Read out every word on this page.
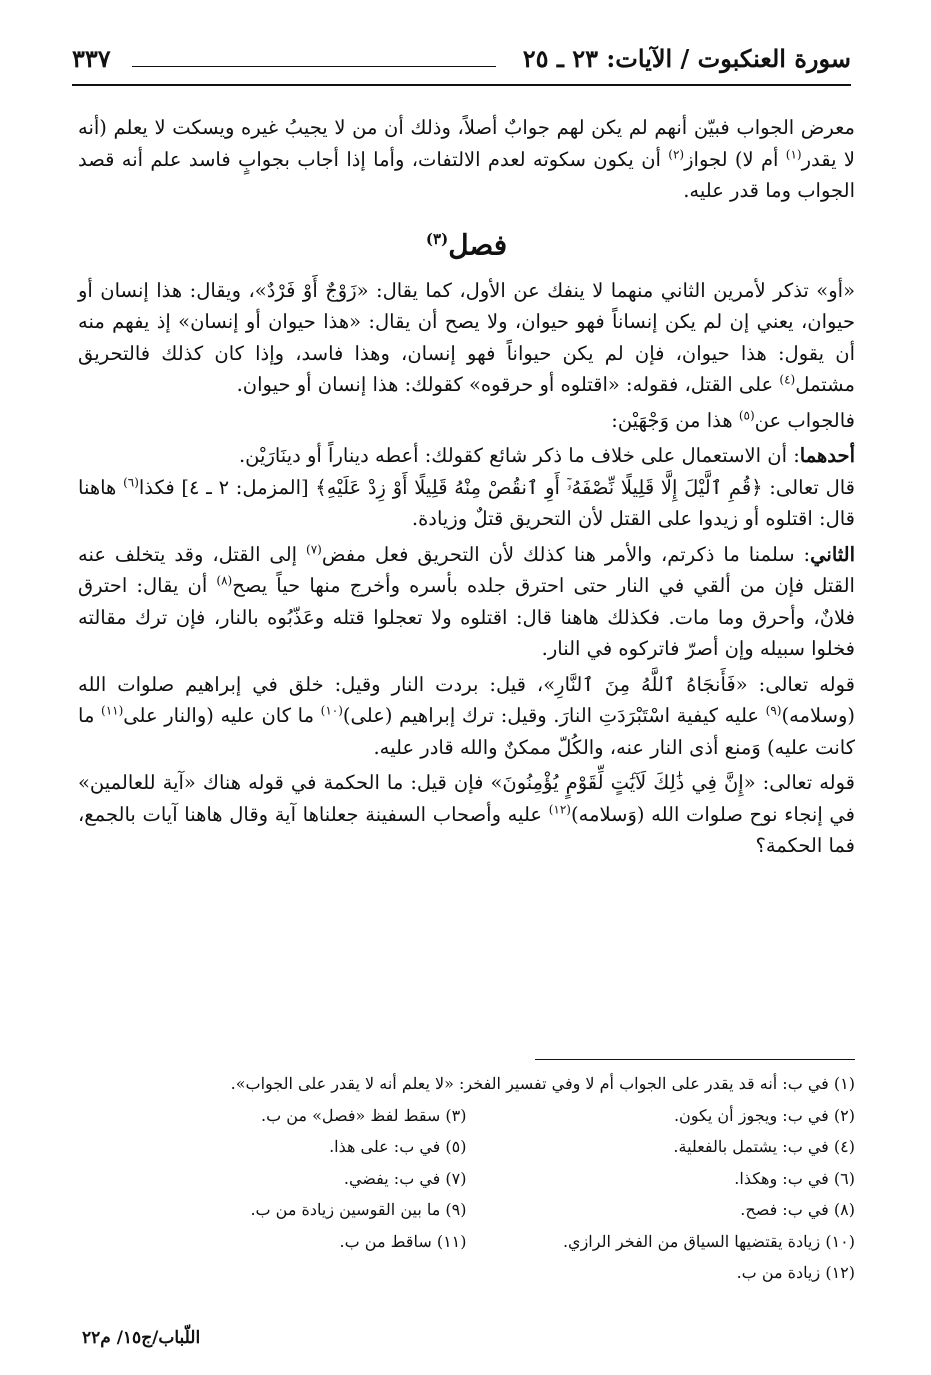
سورة العنكبوت / الآيات: ٢٣ ـ ٢٥
٣٣٧

معرض الجواب فبيّن أنهم لم يكن لهم جوابٌ أصلاً، وذلك أن من لا يجيبُ غيره ويسكت لا يعلم (أنه لا يقدر$^{(١)}$ أم لا) لجواز$^{(٢)}$ أن يكون سكوته لعدم الالتفات، وأما إذا أجاب بجوابٍ فاسد علم أنه قصد الجواب وما قدر عليه.

فصل$^{(٣)}$

«أو» تذكر لأمرين الثاني منهما لا ينفك عن الأول، كما يقال: «زَوْجٌ أَوْ فَرْدٌ»، ويقال: هذا إنسان أو حيوان، يعني إن لم يكن إنساناً فهو حيوان، ولا يصح أن يقال: «هذا حيوان أو إنسان» إذ يفهم منه أن يقول: هذا حيوان، فإن لم يكن حيواناً فهو إنسان، وهذا فاسد، وإذا كان كذلك فالتحريق مشتمل$^{(٤)}$ على القتل، فقوله: «اقتلوه أو حرقوه» كقولك: هذا إنسان أو حيوان.

فالجواب عن$^{(٥)}$ هذا من وَجْهَيْن:

أحدهما: أن الاستعمال على خلاف ما ذكر شائع كقولك: أعطه ديناراً أو دينَارَيْن.

قال تعالى: ﴿قُمِ ٱلَّيْلَ إِلَّا قَلِيلًا نِّصْفَهُۥٓ أَوِ ٱنقُصْ مِنْهُ قَلِيلًا أَوْ زِدْ عَلَيْهِ﴾ [المزمل: ٢ ـ ٤] فكذا$^{(٦)}$ هاهنا قال: اقتلوه أو زيدوا على القتل لأن التحريق قتلٌ وزيادة.

الثاني: سلمنا ما ذكرتم، والأمر هنا كذلك لأن التحريق فعل مفض$^{(٧)}$ إلى القتل، وقد يتخلف عنه القتل فإن من ألقي في النار حتى احترق جلده بأسره وأخرج منها حياً يصح$^{(٨)}$ أن يقال: احترق فلانٌ، وأحرق وما مات. فكذلك هاهنا قال: اقتلوه ولا تعجلوا قتله وعَذّبُوه بالنار، فإن ترك مقالته فخلوا سبيله وإن أصرّ فاتركوه في النار.

قوله تعالى: «فَأَنجَاهُ ٱللَّهُ مِنَ ٱلنَّارِ»، قيل: بردت النار وقيل: خلق في إبراهيم صلوات الله (وسلامه)$^{(٩)}$ عليه كيفية اسْتَبْرَدَتِ النارَ. وقيل: ترك إبراهيم (على)$^{(١٠)}$ ما كان عليه (والنار على$^{(١١)}$ ما كانت عليه) وَمنع أذى النار عنه، والكُلّ ممكنٌ والله قادر عليه.

قوله تعالى: «إِنَّ فِي ذَٰلِكَ لَآيَٰتٍ لِّقَوْمٍ يُؤْمِنُونَ» فإن قيل: ما الحكمة في قوله هناك «آية للعالمين» في إنجاء نوح صلوات الله (وَسلامه)$^{(١٢)}$ عليه وأصحاب السفينة جعلناها آية وقال هاهنا آيات بالجمع، فما الحكمة؟

(١) في ب: أنه قد يقدر على الجواب أم لا وفي تفسير الفخر: «لا يعلم أنه لا يقدر على الجواب».
(٢) في ب: ويجوز أن يكون.
(٣) سقط لفظ «فصل» من ب.
(٤) في ب: يشتمل بالفعلية.
(٥) في ب: على هذا.
(٦) في ب: وهكذا.
(٧) في ب: يفضي.
(٨) في ب: فصح.
(٩) ما بين القوسين زيادة من ب.
(١٠) زيادة يقتضيها السياق من الفخر الرازي.
(١١) ساقط من ب.
(١٢) زيادة من ب.
اللّباب/ج١٥/ م٢٢
